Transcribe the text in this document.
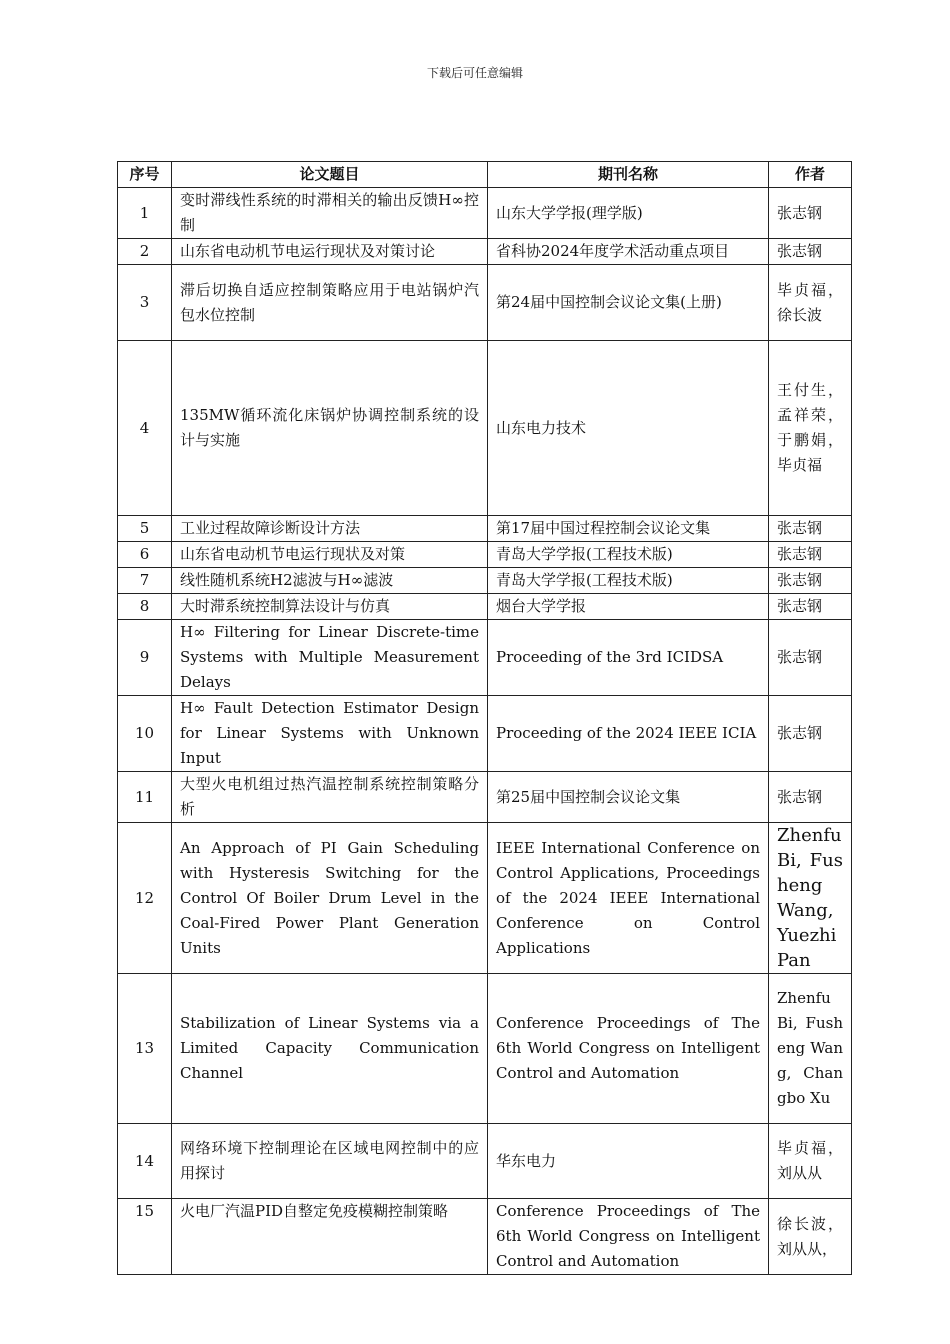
下载后可任意编辑
序号	论文题目	期刊名称	作者
1	变时滞线性系统的时滞相关的输出反馈H∞控制	山东大学学报(理学版)	张志钢
2	山东省电动机节电运行现状及对策讨论	省科协2024年度学术活动重点项目	张志钢
3	滞后切换自适应控制策略应用于电站锅炉汽包水位控制	第24届中国控制会议论文集(上册)	毕贞福，徐长波
4	135MW循环流化床锅炉协调控制系统的设计与实施	山东电力技术	王付生，孟祥荣，于鹏娟，毕贞福
5	工业过程故障诊断设计方法	第17届中国过程控制会议论文集	张志钢
6	山东省电动机节电运行现状及对策	青岛大学学报(工程技术版)	张志钢
7	线性随机系统H2滤波与H∞滤波	青岛大学学报(工程技术版)	张志钢
8	大时滞系统控制算法设计与仿真	烟台大学学报	张志钢
9	H∞ Filtering for Linear Discrete-time Systems with Multiple Measurement Delays	Proceeding of the 3rd ICIDSA	张志钢
10	H∞ Fault Detection Estimator Design for Linear Systems with Unknown Input	Proceeding of the 2024 IEEE ICIA	张志钢
11	大型火电机组过热汽温控制系统控制策略分析	第25届中国控制会议论文集	张志钢
12	An Approach of PI Gain Scheduling with Hysteresis Switching for the Control Of Boiler Drum Level in the Coal-Fired Power Plant Generation Units	IEEE International Conference on Control Applications, Proceedings of the 2024 IEEE International Conference on Control Applications	Zhenfu Bi, Fusheng Wang, Yuezhi Pan
13	Stabilization of Linear Systems via a Limited Capacity Communication Channel	Conference Proceedings of The 6th World Congress on Intelligent Control and Automation	Zhenfu Bi, Fusheng Wang, Changbo Xu
14	网络环境下控制理论在区域电网控制中的应用探讨	华东电力	毕贞福，刘从从
15	火电厂汽温PID自整定免疫模糊控制策略	Conference Proceedings of The 6th World Congress on Intelligent Control and Automation	徐长波，刘从从，
